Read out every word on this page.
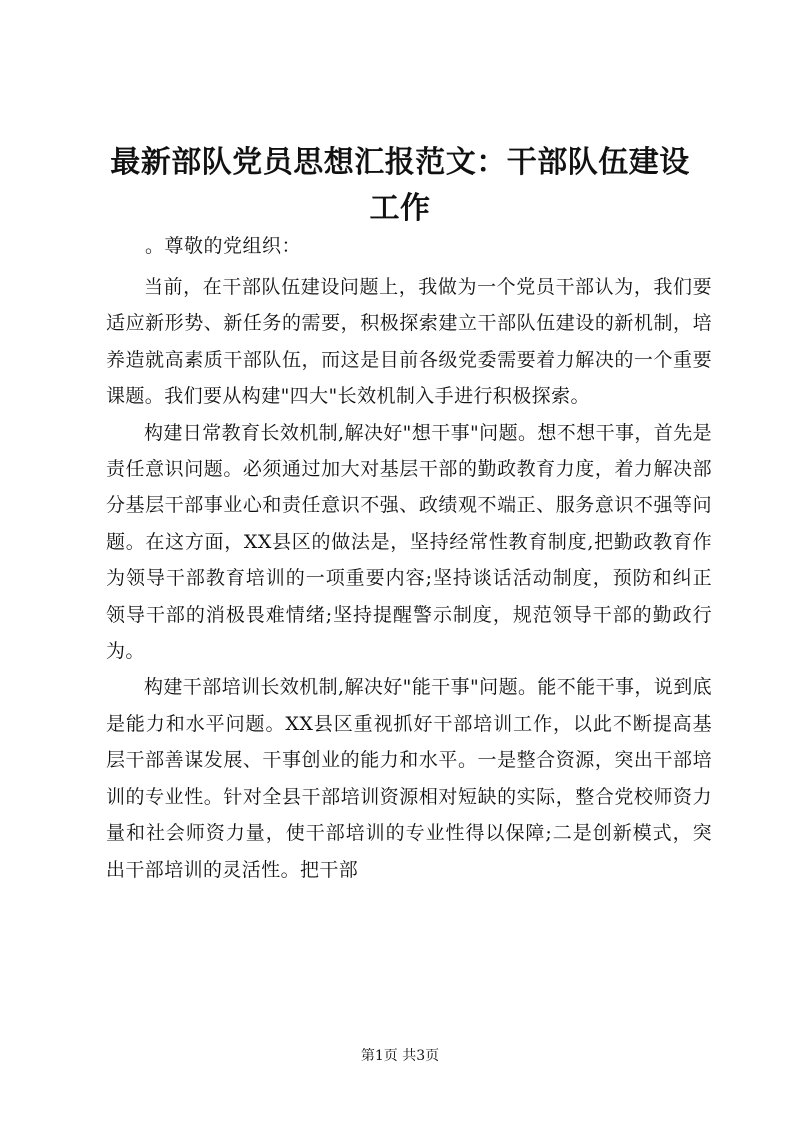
最新部队党员思想汇报范文：干部队伍建设工作

。尊敬的党组织：

当前，在干部队伍建设问题上，我做为一个党员干部认为，我们要适应新形势、新任务的需要，积极探索建立干部队伍建设的新机制，培养造就高素质干部队伍，而这是目前各级党委需要着力解决的一个重要课题。我们要从构建"四大"长效机制入手进行积极探索。

构建日常教育长效机制,解决好"想干事"问题。想不想干事，首先是责任意识问题。必须通过加大对基层干部的勤政教育力度，着力解决部分基层干部事业心和责任意识不强、政绩观不端正、服务意识不强等问题。在这方面，XX县区的做法是，坚持经常性教育制度,把勤政教育作为领导干部教育培训的一项重要内容;坚持谈话活动制度，预防和纠正领导干部的消极畏难情绪;坚持提醒警示制度，规范领导干部的勤政行为。

构建干部培训长效机制,解决好"能干事"问题。能不能干事，说到底是能力和水平问题。XX县区重视抓好干部培训工作，以此不断提高基层干部善谋发展、干事创业的能力和水平。一是整合资源，突出干部培训的专业性。针对全县干部培训资源相对短缺的实际，整合党校师资力量和社会师资力量，使干部培训的专业性得以保障;二是创新模式，突出干部培训的灵活性。把干部

第1页 共3页
